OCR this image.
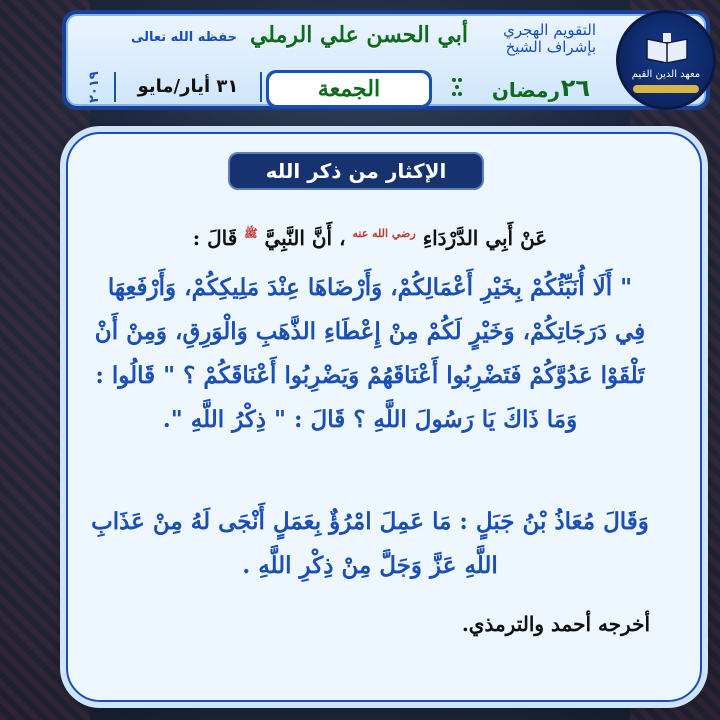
التقويم الهجري
بإشراف الشيخ
أبي الحسن علي الرملي
حفظه الله تعالى
٢٦
رمضان
الجمعة
٣١ أيار/مايو
٢٠١٩	معهد الدين القيم
الإكثار من ذكر الله
عَنْ أَبِي الدَّرْدَاءِ رضي الله عنه ، أَنَّ النَّبِيَّ ﷺ قَالَ :
" أَلَا أُنَبِّئُكُمْ بِخَيْرِ أَعْمَالِكُمْ، وَأَرْضَاهَا عِنْدَ مَلِيكِكُمْ، وَأَرْفَعِهَا فِي دَرَجَاتِكُمْ، وَخَيْرٍ لَكُمْ مِنْ إِعْطَاءِ الذَّهَبِ وَالْوَرِقِ، وَمِنْ أَنْ تَلْقَوْا عَدُوَّكُمْ فَتَضْرِبُوا أَعْنَاقَهُمْ وَيَضْرِبُوا أَعْنَاقَكُمْ ؟ " قَالُوا : وَمَا ذَاكَ يَا رَسُولَ اللَّهِ ؟ قَالَ : " ذِكْرُ اللَّهِ ".
وَقَالَ مُعَاذُ بْنُ جَبَلٍ : مَا عَمِلَ امْرُؤٌ بِعَمَلٍ أَنْجَى لَهُ مِنْ عَذَابِ اللَّهِ عَزَّ وَجَلَّ مِنْ ذِكْرِ اللَّهِ .
أخرجه أحمد والترمذي.
